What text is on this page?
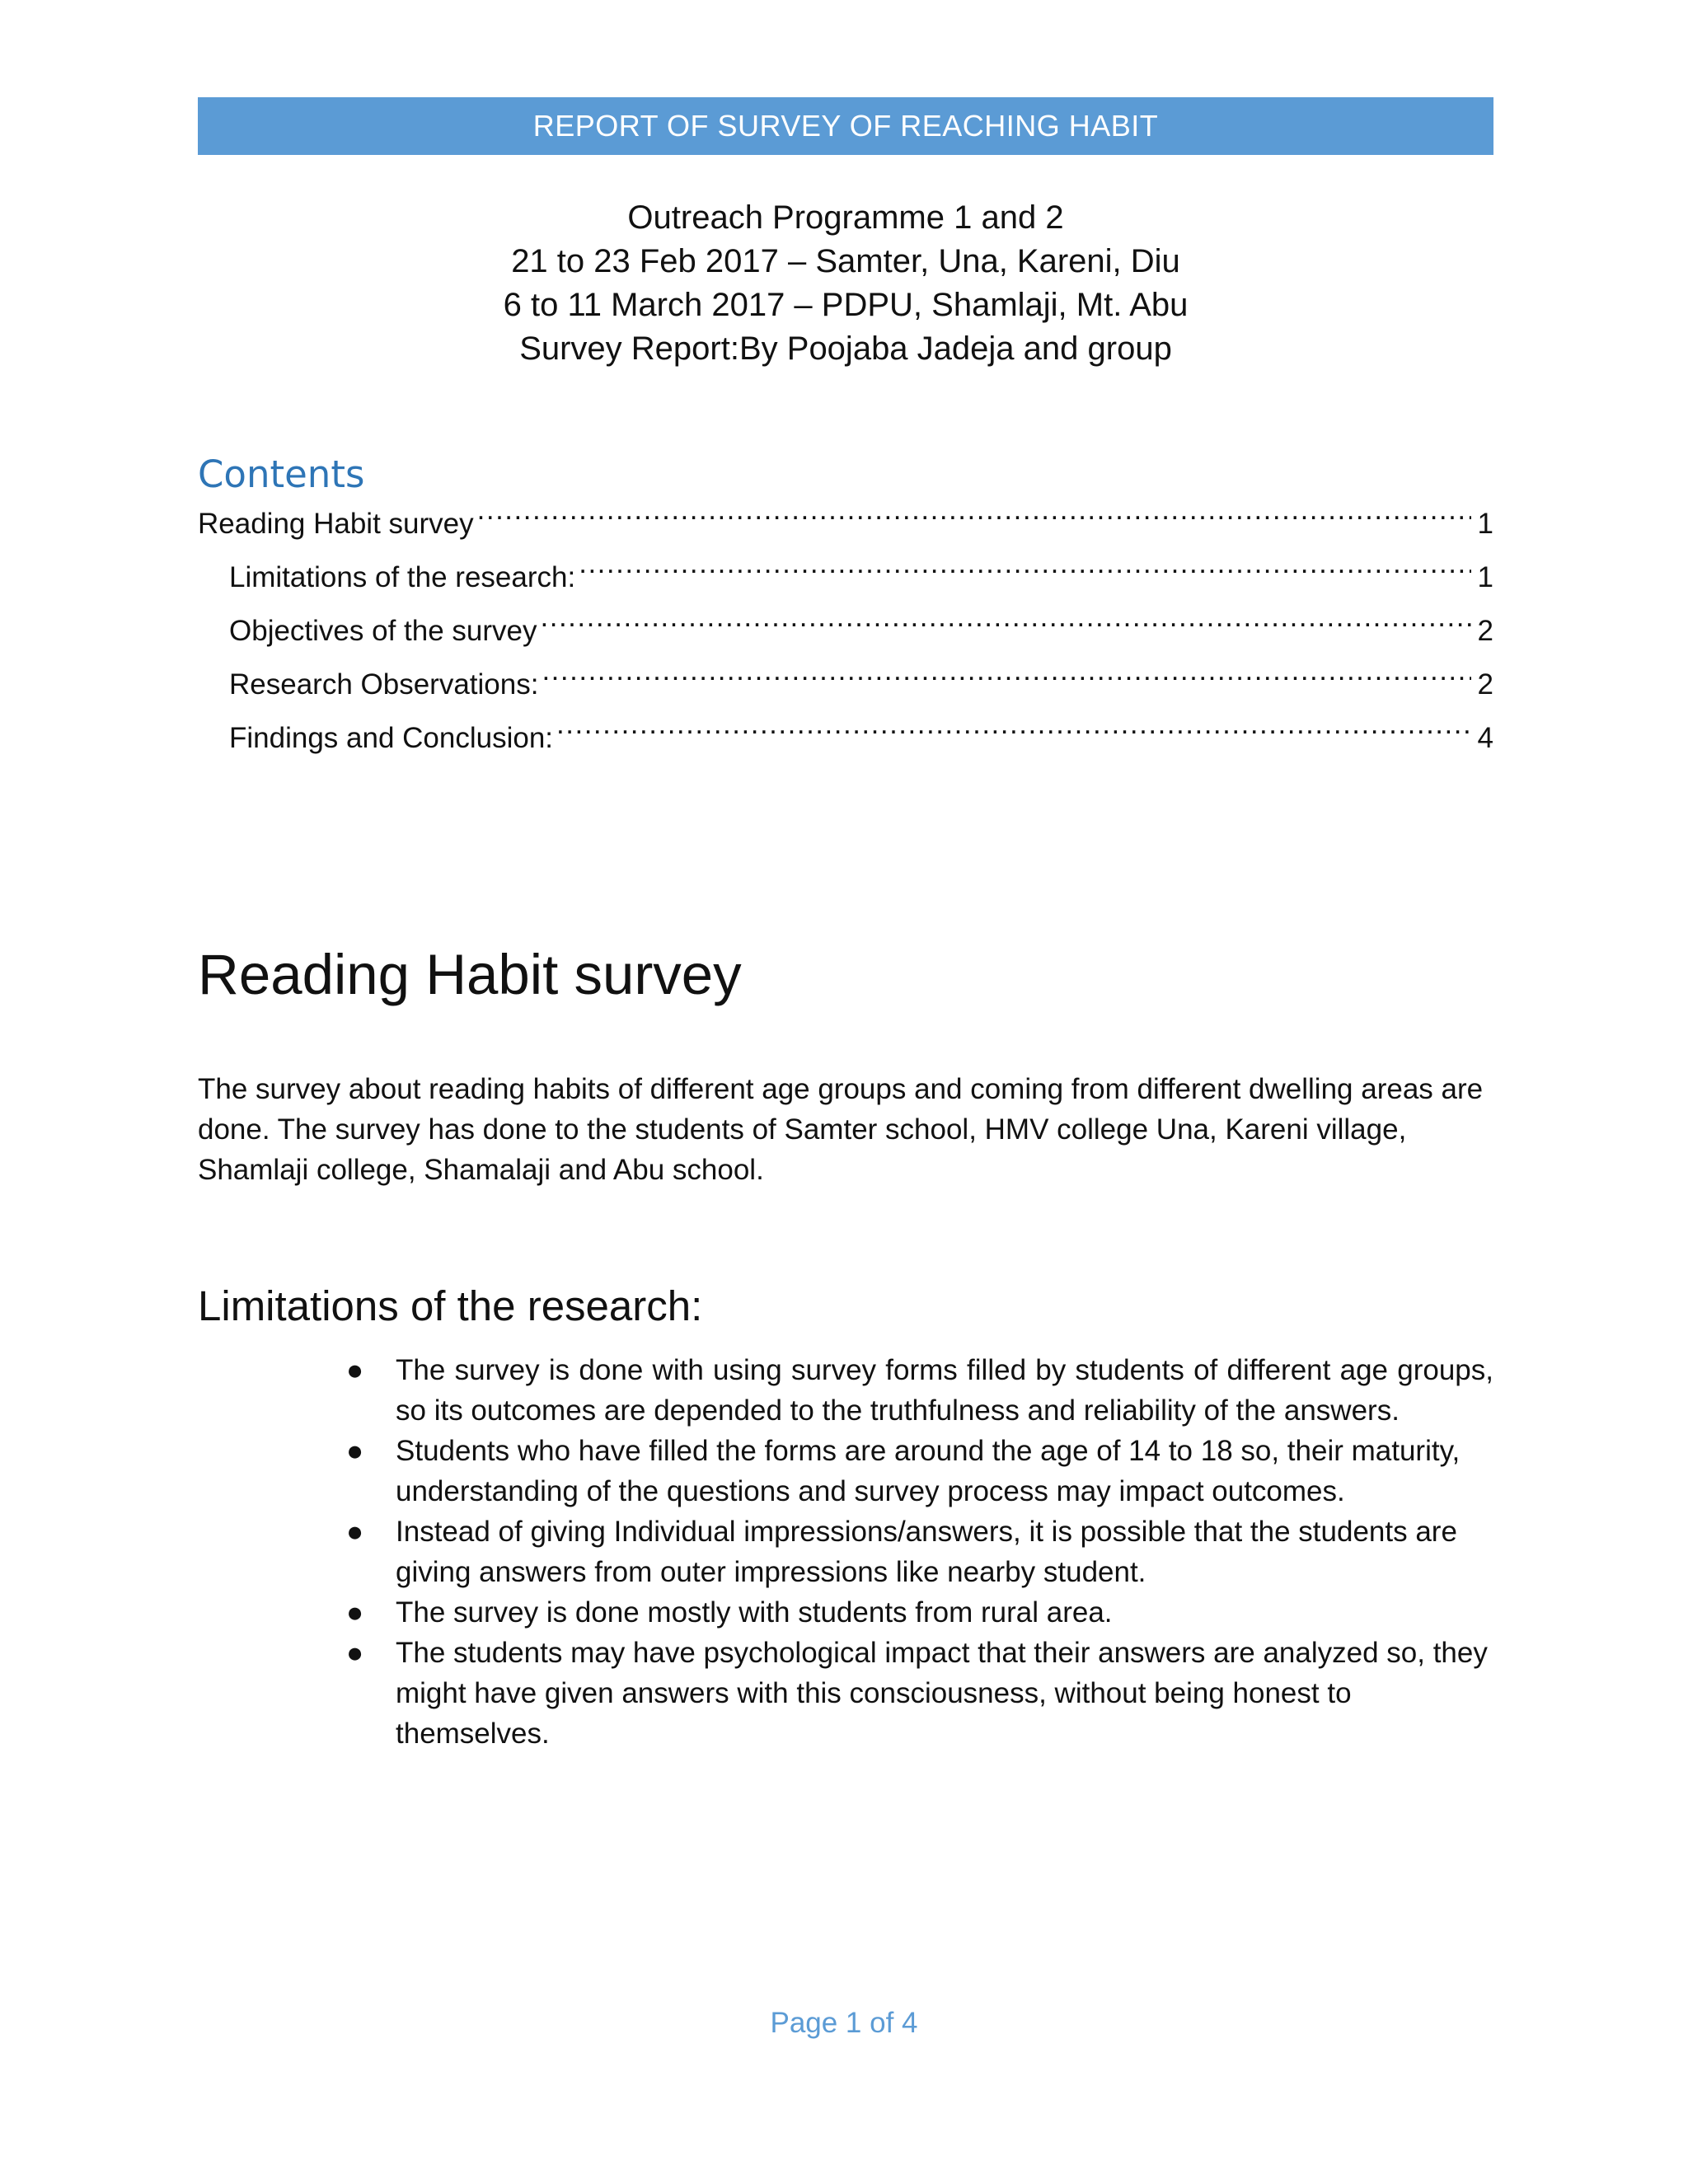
REPORT OF SURVEY OF REACHING HABIT
Outreach Programme 1 and 2
21 to 23 Feb 2017 – Samter, Una, Kareni, Diu
6 to 11 March 2017 – PDPU, Shamlaji, Mt. Abu
Survey Report:By Poojaba Jadeja and group
Contents
Reading Habit survey .....	1
Limitations of the research: .....	1
Objectives of the survey .....	2
Research Observations: .....	2
Findings and Conclusion: .....	4
Reading Habit survey

The survey about reading habits of different age groups and coming from different dwelling areas are done. The survey has done to the students of Samter school, HMV college Una, Kareni village, Shamlaji college, Shamalaji and Abu school.

Limitations of the research:
●	The survey is done with using survey forms filled by students of different age groups, so its outcomes are depended to the truthfulness and reliability of the answers.
●	Students who have filled the forms are around the age of 14 to 18 so, their maturity, understanding of the questions and survey process may impact outcomes.
●	Instead of giving Individual impressions/answers, it is possible that the students are giving answers from outer impressions like nearby student.
●	The survey is done mostly with students from rural area.
●	The students may have psychological impact that their answers are analyzed so, they might have given answers with this consciousness, without being honest to themselves.
Page 1 of 4
